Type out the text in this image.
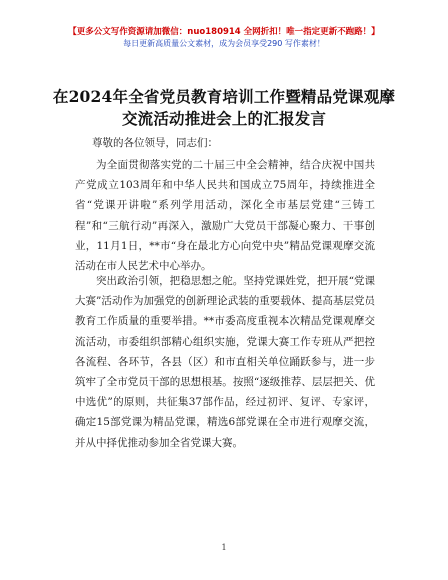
【更多公文写作资源请加微信：nuo180914 全网折扣！唯一指定更新不跑路！】
每日更新高质量公文素材，成为会员享受290 写作素材！
在2024年全省党员教育培训工作暨精品党课观摩交流活动推进会上的汇报发言
尊敬的各位领导，同志们：
为全面贯彻落实党的二十届三中全会精神，结合庆祝中国共产党成立103周年和中华人民共和国成立75周年，持续推进全省“党课开讲啦”系列学用活动，深化全市基层党建“三铸工程”和“三航行动”再深入，激励广大党员干部凝心聚力、干事创业，11月1日，**市“身在最北方心向党中央”精品党课观摩交流活动在市人民艺术中心举办。
突出政治引领，把稳思想之舵。坚持党课姓党，把开展“党课大赛”活动作为加强党的创新理论武装的重要载体、提高基层党员教育工作质量的重要举措。**市委高度重视本次精品党课观摩交流活动，市委组织部精心组织实施，党课大赛工作专班从严把控各流程、各环节，各县（区）和市直相关单位踊跃参与，进一步筑牢了全市党员干部的思想根基。按照“逐级推荐、层层把关、优中选优”的原则，共征集37部作品，经过初评、复评、专家评，确定15部党课为精品党课，精选6部党课在全市进行观摩交流，并从中择优推动参加全省党课大赛。
1
